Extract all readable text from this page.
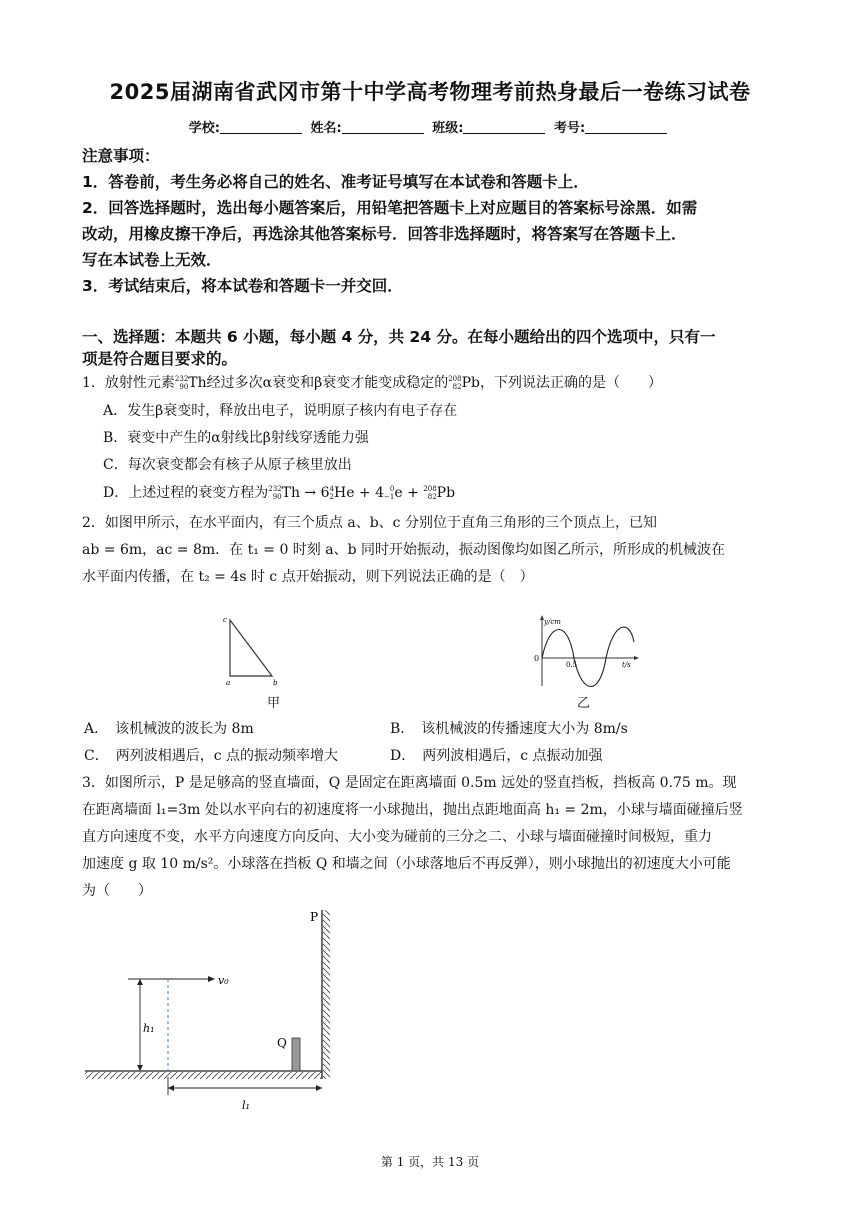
2025届湖南省武冈市第十中学高考物理考前热身最后一卷练习试卷
学校:	姓名:	班级:	考号:
注意事项：
1．答卷前，考生务必将自己的姓名、准考证号填写在本试卷和答题卡上．
2．回答选择题时，选出每小题答案后，用铅笔把答题卡上对应题目的答案标号涂黑．如需
改动，用橡皮擦干净后，再选涂其他答案标号．回答非选择题时，将答案写在答题卡上．
写在本试卷上无效．
3．考试结束后，将本试卷和答题卡一并交回．
一、选择题：本题共 6 小题，每小题 4 分，共 24 分。在每小题给出的四个选项中，只有一
项是符合题目要求的。
1．放射性元素232
90Th经过多次α衰变和β衰变才能变成稳定的208
82Pb，下列说法正确的是（　　）
A．发生β衰变时，释放出电子，说明原子核内有电子存在
B．衰变中产生的α射线比β射线穿透能力强
C．每次衰变都会有核子从原子核里放出
D．上述过程的衰变方程为232
90Th → 64
2He + 4 0
−1e + 208
82Pb
2．如图甲所示，在水平面内，有三个质点 a、b、c 分别位于直角三角形的三个顶点上，已知
ab = 6m，ac = 8m．在 t₁ = 0 时刻 a、b 同时开始振动，振动图像均如图乙所示，所形成的机械波在
水平面内传播，在 t₂ = 4s 时 c 点开始振动，则下列说法正确的是（　）
c
a	b
甲
y/cm
t/s
0
0.5
乙
A．　该机械波的波长为 8m	B．　该机械波的传播速度大小为 8m/s
C．　两列波相遇后，c 点的振动频率增大	D．　两列波相遇后，c 点振动加强
3．如图所示，P 是足够高的竖直墙面，Q 是固定在距离墙面 0.5m 远处的竖直挡板，挡板高 0.75 m。现
在距离墙面 l₁=3m 处以水平向右的初速度将一小球抛出，抛出点距地面高 h₁ = 2m，小球与墙面碰撞后竖
直方向速度不变，水平方向速度方向反向、大小变为碰前的三分之二、小球与墙面碰撞时间极短，重力
加速度 g 取 10 m/s²。小球落在挡板 Q 和墙之间（小球落地后不再反弹），则小球抛出的初速度大小可能
为（　　）
P
Q
v₀
h₁
l₁
第 1 页，共 13 页
